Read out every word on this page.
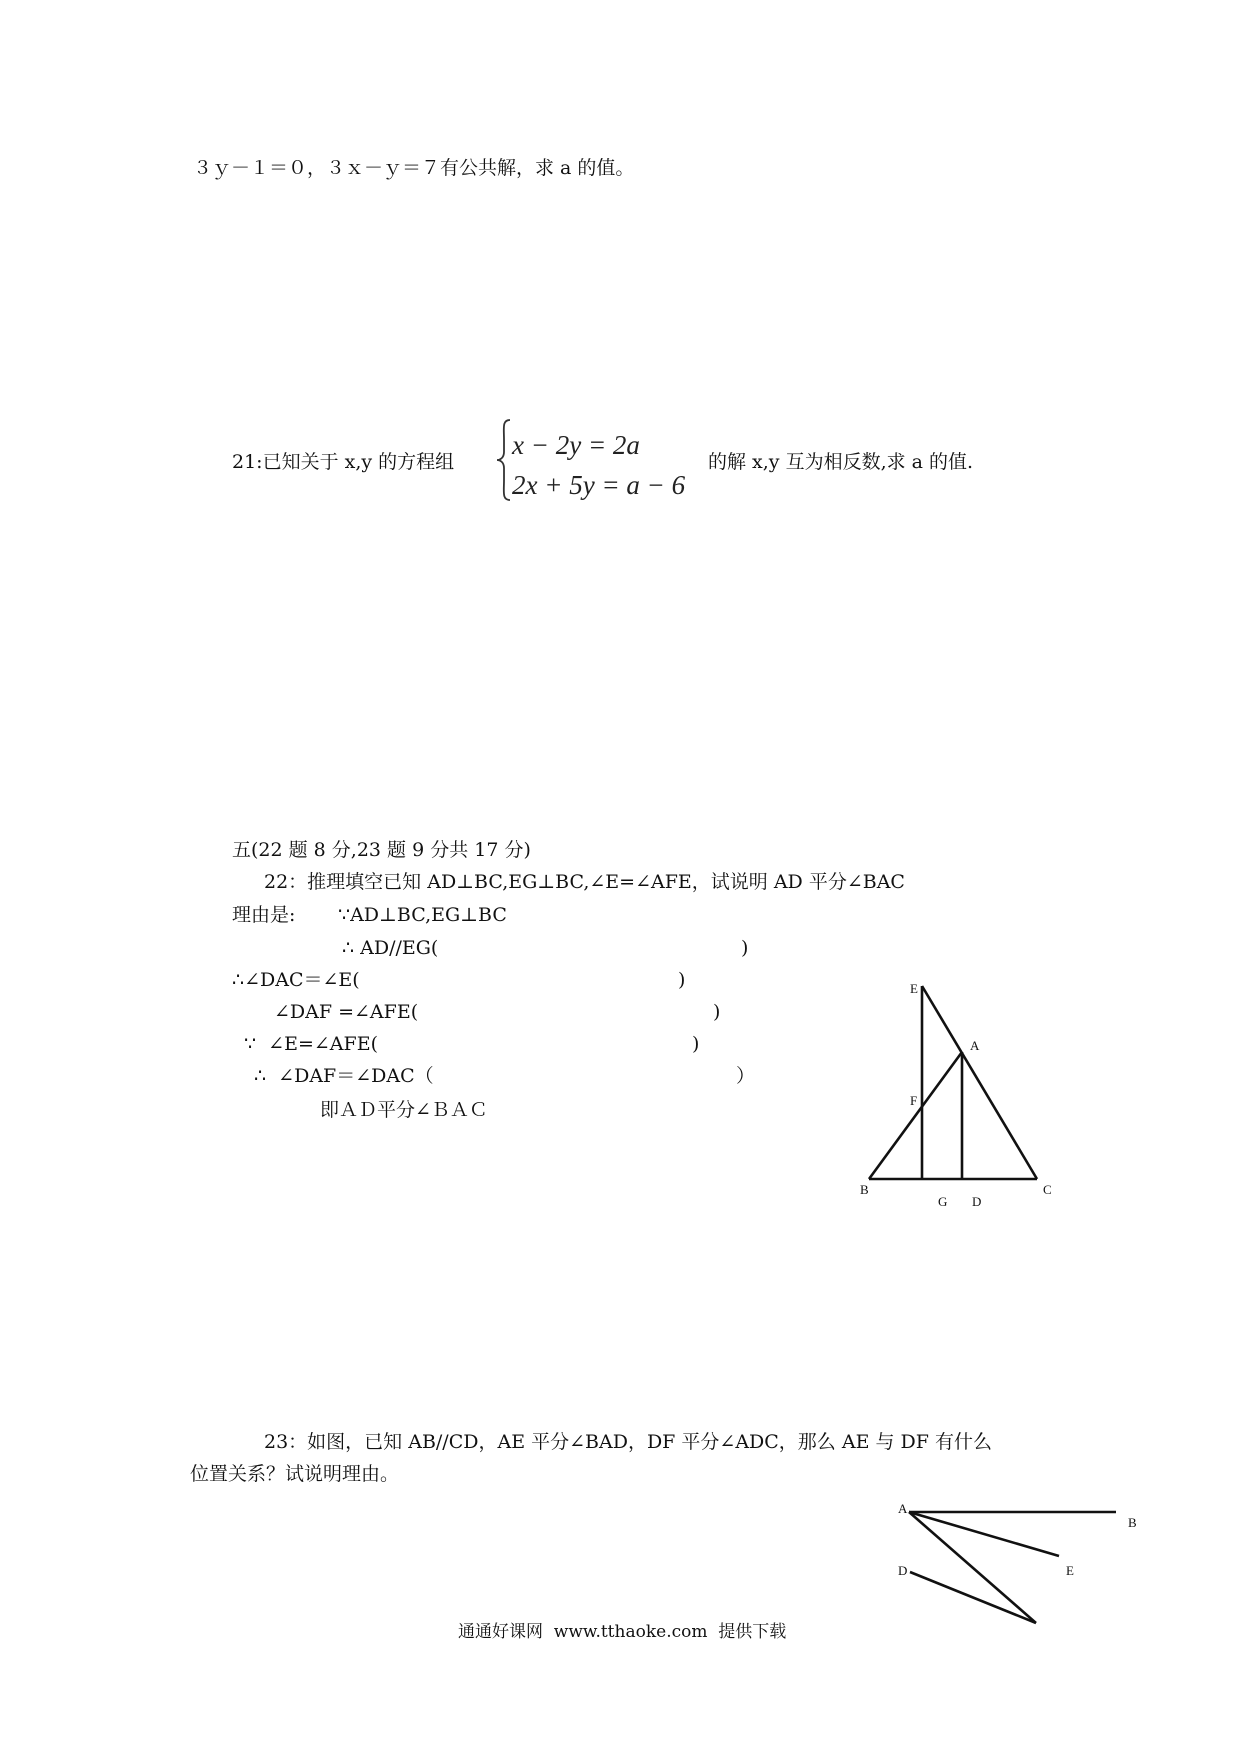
３ｙ－１＝０，３ｘ－ｙ＝７有公共解，求 a 的值。
21:已知关于 x,y 的方程组
x − 2y = 2a
2x + 5y = a − 6
的解 x,y 互为相反数,求 a 的值.
五(22 题 8 分,23 题 9 分共 17 分)
22：推理填空已知 AD⊥BC,EG⊥BC,∠E=∠AFE，试说明 AD 平分∠BAC
理由是: ∵AD⊥BC,EG⊥BC
∴ AD//EG(	)
∴∠DAC＝∠E(	)
∠DAF =∠AFE(	)
∵  ∠E=∠AFE(	)
∴  ∠DAF＝∠DAC（	）
即ＡＤ平分∠ＢＡＣ
E
A
F
B	C
G D
23：如图，已知 AB//CD，AE 平分∠BAD，DF 平分∠ADC，那么 AE 与 DF 有什么
位置关系？试说明理由。
A
B
D	E
通通好课网  www.tthaoke.com  提供下载
